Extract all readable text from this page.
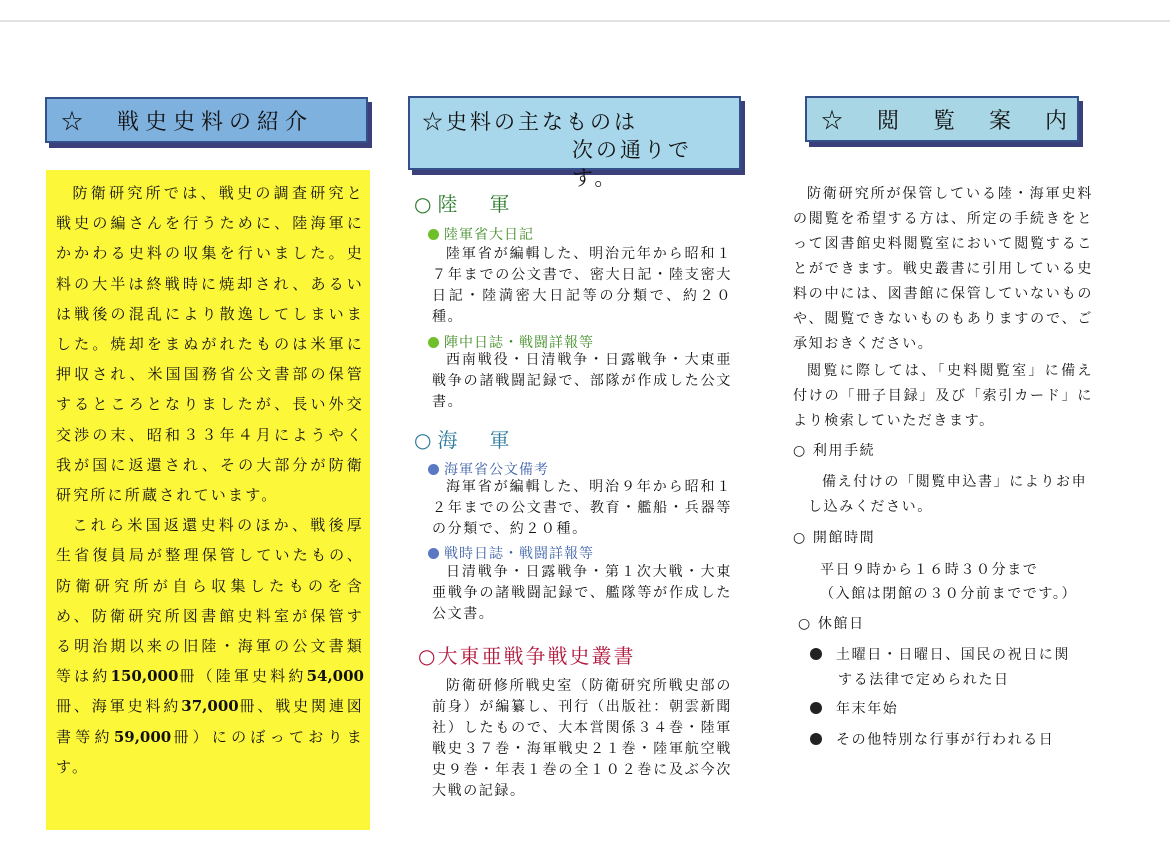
☆　戦史史料の紹介

防衛研究所では、戦史の調査研究と戦史の編さんを行うために、陸海軍にかかわる史料の収集を行いました。史料の大半は終戦時に焼却され、あるいは戦後の混乱により散逸してしまいました。焼却をまぬがれたものは米軍に押収され、米国国務省公文書部の保管するところとなりましたが、長い外交交渉の末、昭和３３年４月にようやく我が国に返還され、その大部分が防衛研究所に所蔵されています。

これら米国返還史料のほか、戦後厚生省復員局が整理保管していたもの、防衛研究所が自ら収集したものを含め、防衛研究所図書館史料室が保管する明治期以来の旧陸・海軍の公文書類等は約150,000冊（陸軍史料約54,000冊、海軍史料約37,000冊、戦史関連図書等約59,000冊）にのぼっております。

☆史料の主なものは
次の通りです。
○陸　軍
陸軍省大日記

陸軍省が編輯した、明治元年から昭和１７年までの公文書で、密大日記・陸支密大日記・陸満密大日記等の分類で、約２０種。

陣中日誌・戦闘詳報等

西南戦役・日清戦争・日露戦争・大東亜戦争の諸戦闘記録で、部隊が作成した公文書。

○海　軍
海軍省公文備考

海軍省が編輯した、明治９年から昭和１２年までの公文書で、教育・艦船・兵器等の分類で、約２０種。

戦時日誌・戦闘詳報等

日清戦争・日露戦争・第１次大戦・大東亜戦争の諸戦闘記録で、艦隊等が作成した公文書。

○大東亜戦争戦史叢書

防衛研修所戦史室（防衛研究所戦史部の前身）が編纂し、刊行（出版社：朝雲新聞社）したもので、大本営関係３４巻・陸軍戦史３７巻・海軍戦史２１巻・陸軍航空戦史９巻・年表１巻の全１０２巻に及ぶ今次大戦の記録。

☆　閲　覧　案　内

防衛研究所が保管している陸・海軍史料の閲覧を希望する方は、所定の手続きをとって図書館史料閲覧室において閲覧することができます。戦史叢書に引用している史料の中には、図書館に保管していないものや、閲覧できないものもありますので、ご承知おきください。

閲覧に際しては、「史料閲覧室」に備え付けの「冊子目録」及び「索引カード」により検索していただきます。

○ 利用手続

備え付けの「閲覧申込書」によりお申し込みください。

○ 開館時間

平日９時から１６時３０分まで

（入館は閉館の３０分前までです。）

○ 休館日
土曜日・日曜日、国民の祝日に関
する法律で定められた日
年末年始
その他特別な行事が行われる日
